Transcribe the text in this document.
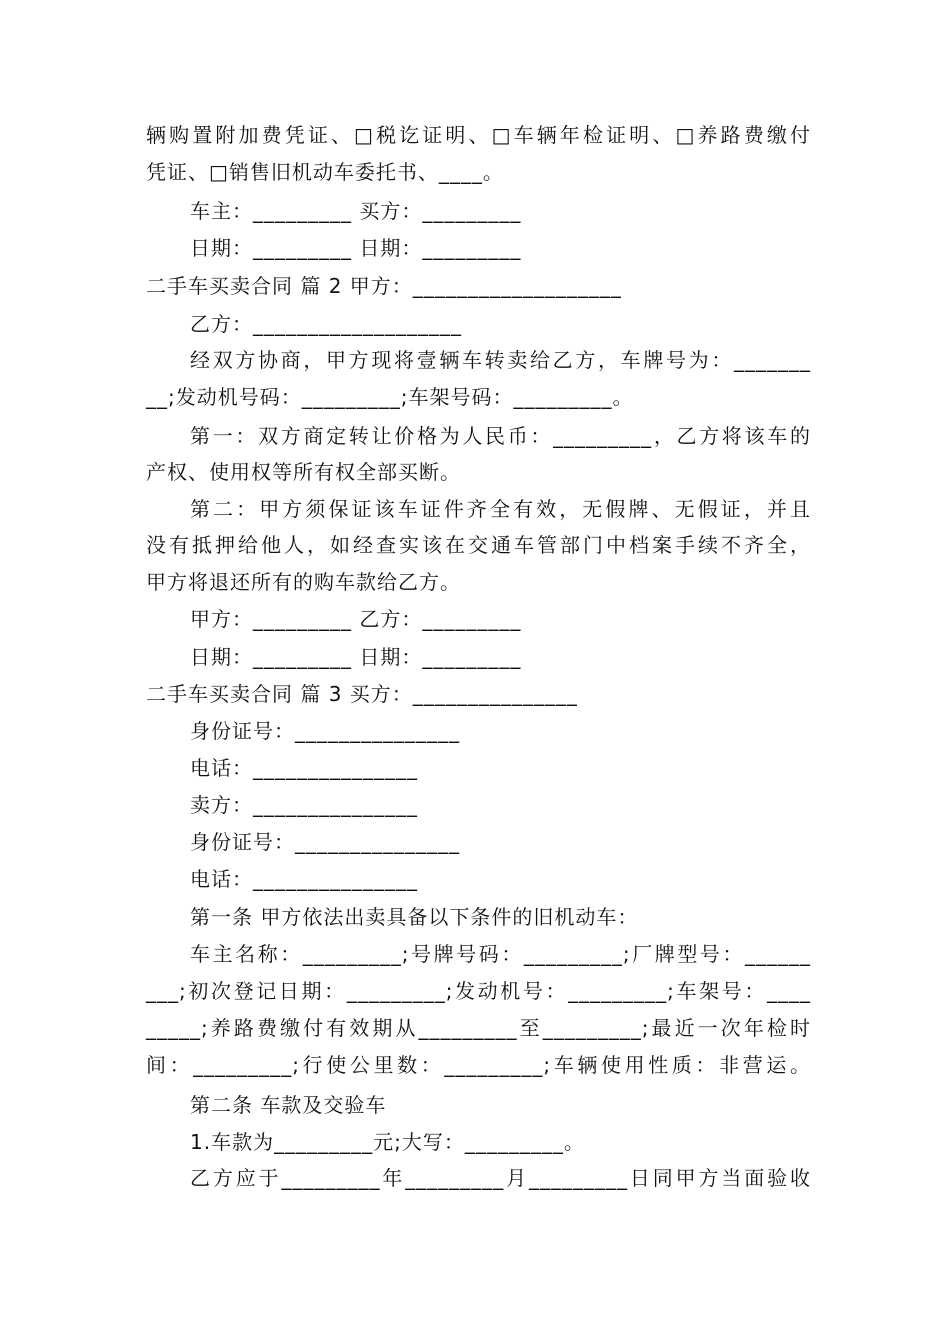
辆购置附加费凭证、□税讫证明、□车辆年检证明、□养路费缴付
凭证、□销售旧机动车委托书、____。
车主：_________ 买方：_________
日期：_________ 日期：_________
二手车买卖合同 篇 2 甲方：___________________
乙方：___________________
经双方协商，甲方现将壹辆车转卖给乙方，车牌号为：_______
__;发动机号码：_________;车架号码：_________。
第一：双方商定转让价格为人民币：_________，乙方将该车的
产权、使用权等所有权全部买断。
第二：甲方须保证该车证件齐全有效，无假牌、无假证，并且
没有抵押给他人，如经查实该在交通车管部门中档案手续不齐全，
甲方将退还所有的购车款给乙方。
甲方：_________ 乙方：_________
日期：_________ 日期：_________
二手车买卖合同 篇 3 买方：_______________
身份证号：_______________
电话：_______________
卖方：_______________
身份证号：_______________
电话：_______________
第一条 甲方依法出卖具备以下条件的旧机动车：
车主名称：_________;号牌号码：_________;厂牌型号：______
___;初次登记日期：_________;发动机号：_________;车架号：____
_____;养路费缴付有效期从_________至_________;最近一次年检时
间：_________;行使公里数：_________;车辆使用性质：非营运。
第二条 车款及交验车
1.车款为_________元;大写：_________。
乙方应于_________年_________月_________日同甲方当面验收
